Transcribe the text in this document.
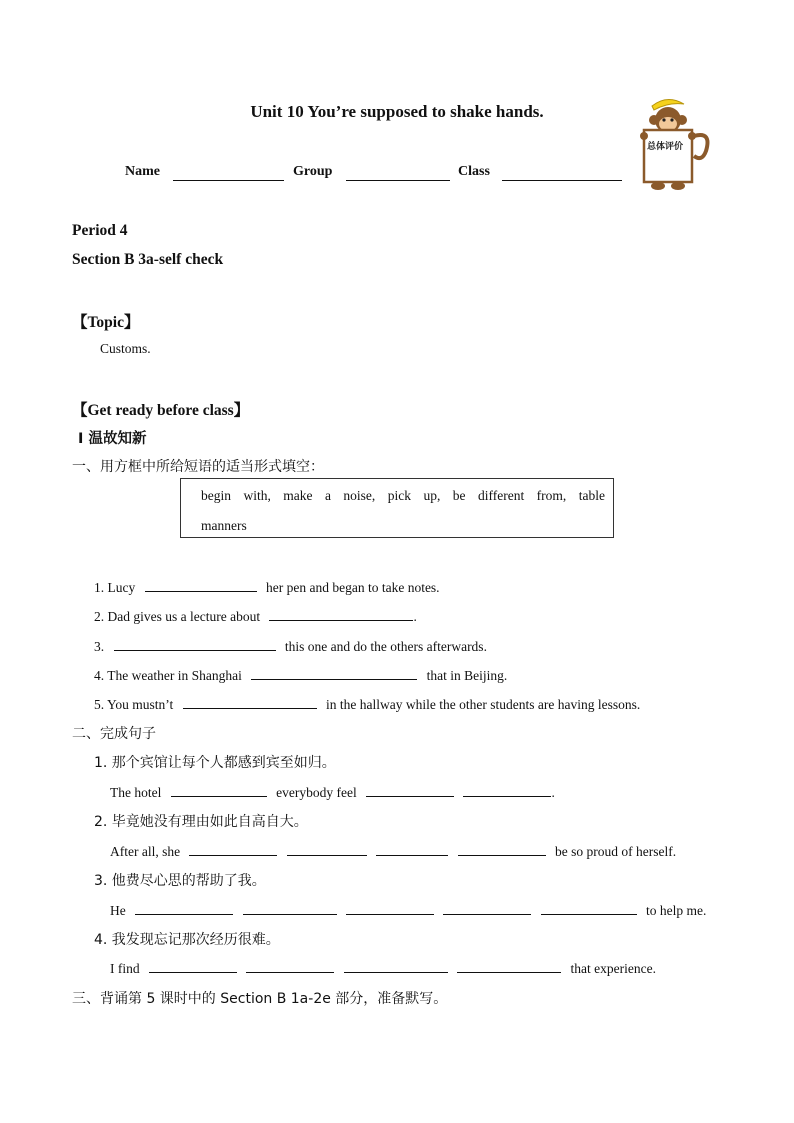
Unit 10 You’re supposed to shake hands.
Name	Group	Class
总体评价
Period 4
Section B 3a-self check
【Topic】
Customs.
【Get ready before class】
I 温故知新
一、用方框中所给短语的适当形式填空：
begin with, make a noise, pick up, be different from, table
manners
1. Lucy	her pen and began to take notes.
2. Dad gives us a lecture about	.
3.	this one and do the others afterwards.
4. The weather in Shanghai	that in Beijing.
5. You mustn’t	in the hallway while the other students are having lessons.
二、完成句子
1. 那个宾馆让每个人都感到宾至如归。
The hotel	everybody feel	.
2. 毕竟她没有理由如此自高自大。
After all, she	be so proud of herself.
3. 他费尽心思的帮助了我。
He	to help me.
4. 我发现忘记那次经历很难。
I find	that experience.
三、背诵第 5 课时中的 Section B 1a-2e 部分，准备默写。
